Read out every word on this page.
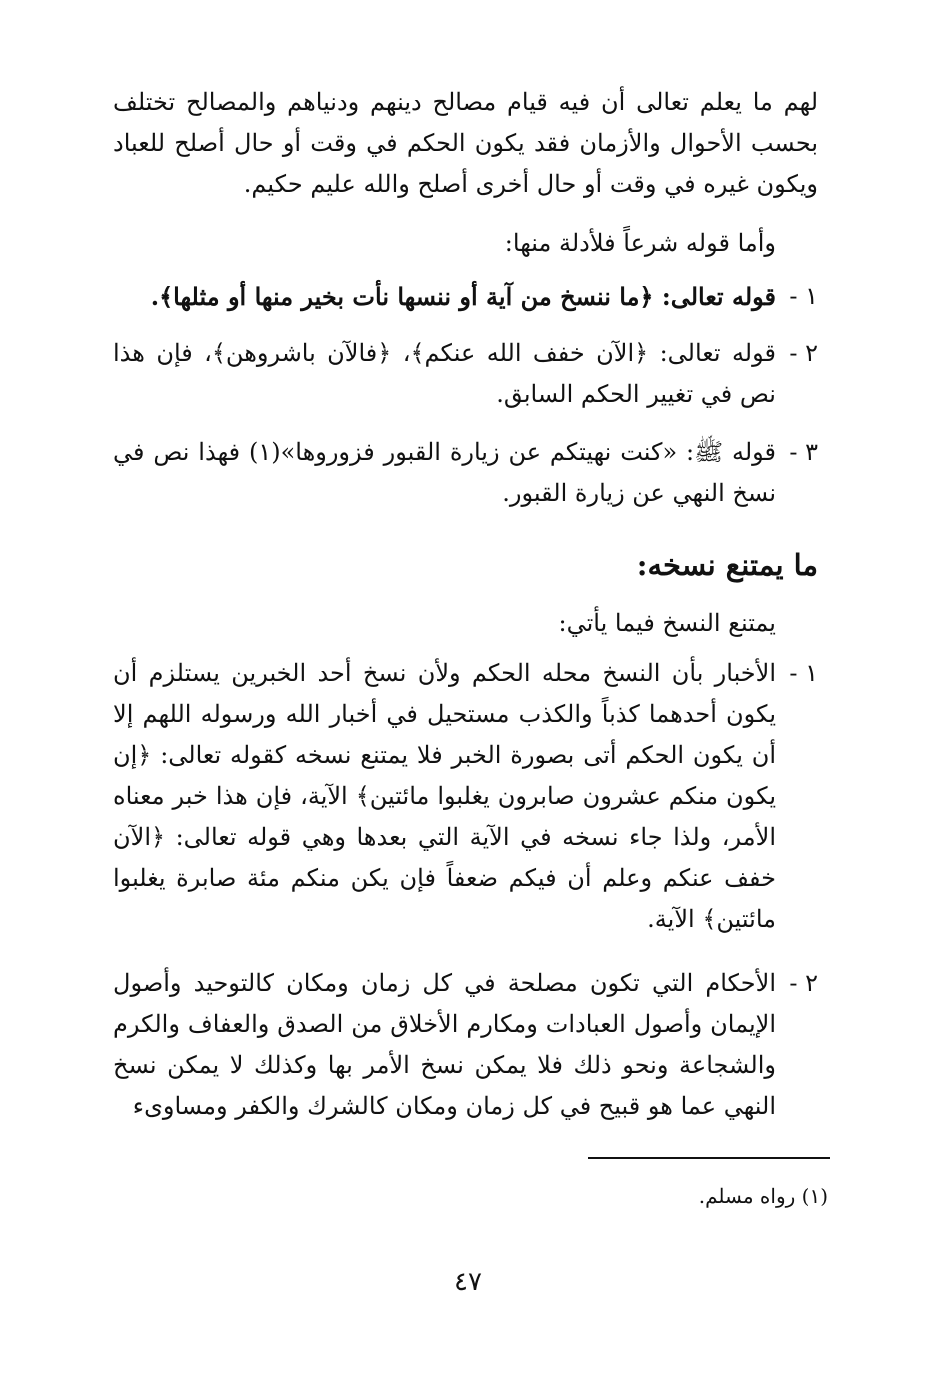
لهم ما يعلم تعالى أن فيه قيام مصالح دينهم ودنياهم والمصالح تختلف بحسب الأحوال والأزمان فقد يكون الحكم في وقت أو حال أصلح للعباد ويكون غيره في وقت أو حال أخرى أصلح والله عليم حكيم.
وأما قوله شرعاً فلأدلة منها:
١ -
قوله تعالى: ﴿ما ننسخ من آية أو ننسها نأت بخير منها أو مثلها﴾.
٢ -
قوله تعالى: ﴿الآن خفف الله عنكم﴾، ﴿فالآن باشروهن﴾، فإن هذا نص في تغيير الحكم السابق.
٣ -
قوله ﷺ: «كنت نهيتكم عن زيارة القبور فزوروها»(١) فهذا نص في نسخ النهي عن زيارة القبور.
ما يمتنع نسخه:
يمتنع النسخ فيما يأتي:
١ -
الأخبار بأن النسخ محله الحكم ولأن نسخ أحد الخبرين يستلزم أن يكون أحدهما كذباً والكذب مستحيل في أخبار الله ورسوله اللهم إلا أن يكون الحكم أتى بصورة الخبر فلا يمتنع نسخه كقوله تعالى: ﴿إن يكون منكم عشرون صابرون يغلبوا مائتين﴾ الآية، فإن هذا خبر معناه الأمر، ولذا جاء نسخه في الآية التي بعدها وهي قوله تعالى: ﴿الآن خفف عنكم وعلم أن فيكم ضعفاً فإن يكن منكم مئة صابرة يغلبوا مائتين﴾ الآية.
٢ -
الأحكام التي تكون مصلحة في كل زمان ومكان كالتوحيد وأصول الإيمان وأصول العبادات ومكارم الأخلاق من الصدق والعفاف والكرم والشجاعة ونحو ذلك فلا يمكن نسخ الأمر بها وكذلك لا يمكن نسخ النهي عما هو قبيح في كل زمان ومكان كالشرك والكفر ومساوىء
(١) رواه مسلم.
٤٧
